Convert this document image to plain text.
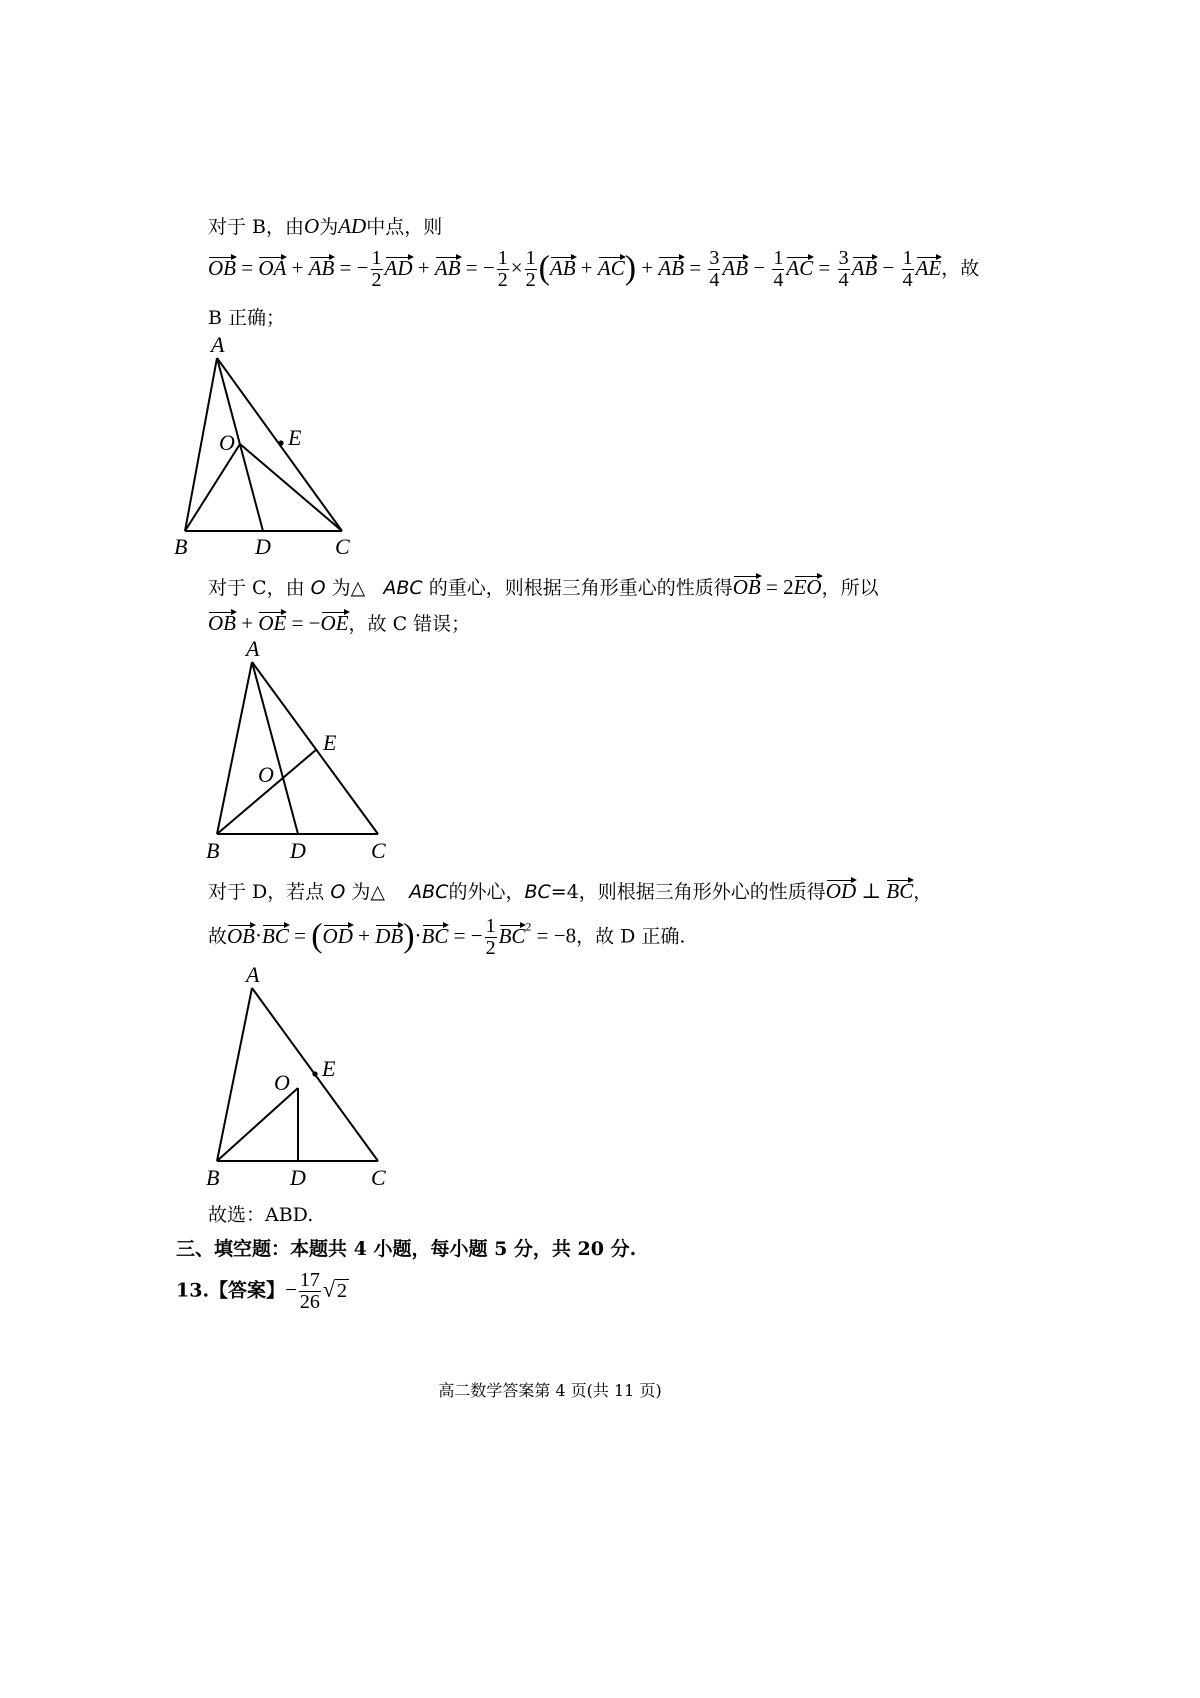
对于 B，由O为AD中点，则
OB = OA + AB = − $\frac{1}{2}$ AD + AB = − $\frac{1}{2} \times \frac{1}{2} (AB + AC)$ + AB = $\frac{3}{4}$ AB − $\frac{1}{4}$ AC = $\frac{3}{4}$ AB − $\frac{1}{4}$ AE，故
B 正确；
A
O E
B	D	C
对于 C，由 O 为△ ABC 的重心，则根据三角形重心的性质得OB = 2EO，所以
OB + OE = −OE，故 C 错误；
A
O
E
B	D	C
对于 D，若点 O 为△ ABC的外心，BC=4，则根据三角形外心的性质得OD ⊥ BC，
故OB·BC = (OD + DB)·BC = − $\frac{1}{2} BC^2 = -8$，故 D 正确.
A
O
E
B	D	C
故选：ABD.
三、填空题：本题共 4 小题，每小题 5 分，共 20 分.
13.【答案】− $\frac{17}{26}$ √ 2
高二数学答案第 4 页(共 11 页)
